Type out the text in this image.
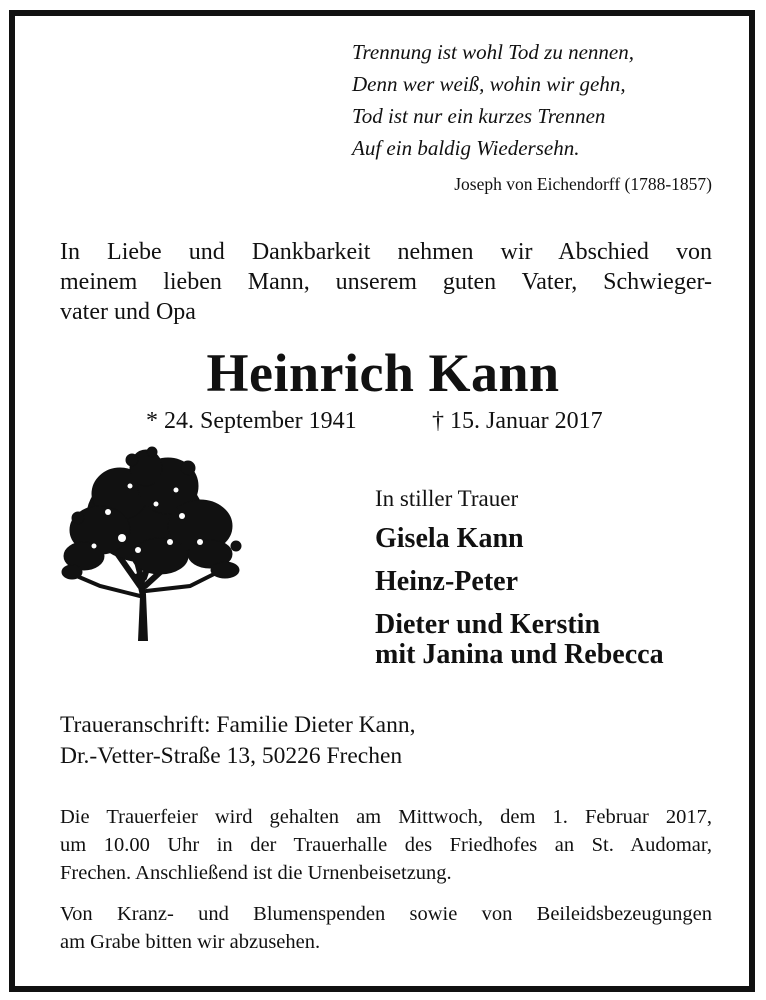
Trennung ist wohl Tod zu nennen,
Denn wer weiß, wohin wir gehn,
Tod ist nur ein kurzes Trennen
Auf ein baldig Wiedersehn.
Joseph von Eichendorff (1788-1857)
In Liebe und Dankbarkeit nehmen wir Abschied von
meinem lieben Mann, unserem guten Vater, Schwieger-
vater und Opa
Heinrich Kann
* 24. September 1941	† 15. Januar 2017
In stiller Trauer
Gisela Kann
Heinz-Peter
Dieter und Kerstin
mit Janina und Rebecca
Traueranschrift: Familie Dieter Kann,
Dr.-Vetter-Straße 13, 50226 Frechen
Die Trauerfeier wird gehalten am Mittwoch, dem 1. Februar 2017,
um 10.00 Uhr in der Trauerhalle des Friedhofes an St. Audomar,
Frechen. Anschließend ist die Urnenbeisetzung.
Von Kranz- und Blumenspenden sowie von Beileidsbezeugungen
am Grabe bitten wir abzusehen.
